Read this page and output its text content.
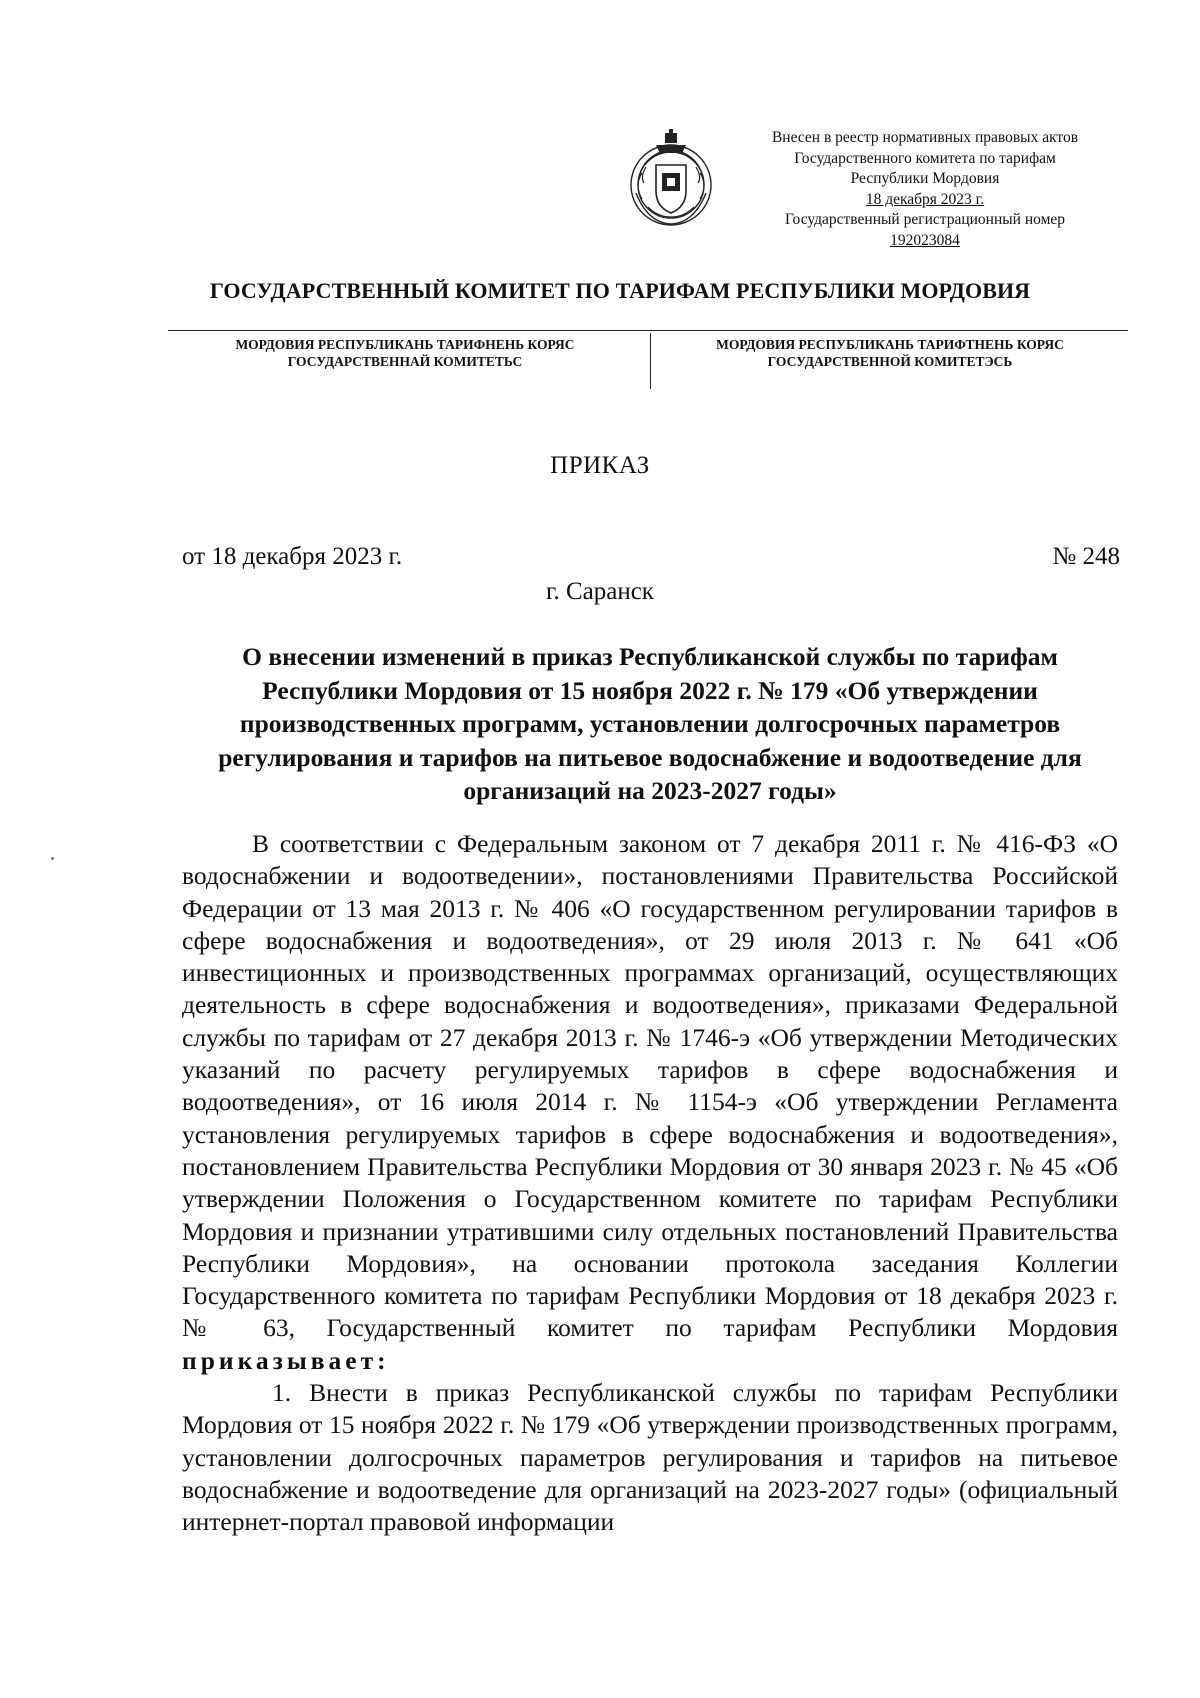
Внесен в реестр нормативных правовых актов
Государственного комитета по тарифам
Республики Мордовия
18 декабря 2023 г.
Государственный регистрационный номер
192023084
ГОСУДАРСТВЕННЫЙ КОМИТЕТ ПО ТАРИФАМ РЕСПУБЛИКИ МОРДОВИЯ
МОРДОВИЯ РЕСПУБЛИКАНЬ ТАРИФНЕНЬ КОРЯС
ГОСУДАРСТВЕННАЙ КОМИТЕТЬС
МОРДОВИЯ РЕСПУБЛИКАНЬ ТАРИФТНЕНЬ КОРЯС
ГОСУДАРСТВЕННОЙ КОМИТЕТЭСЬ
ПРИКАЗ
от 18 декабря 2023 г.	№ 248
г. Саранск
О внесении изменений в приказ Республиканской службы по тарифам Республики Мордовия от 15 ноября 2022 г. № 179 «Об утверждении производственных программ, установлении долгосрочных параметров регулирования и тарифов на питьевое водоснабжение и водоотведение для организаций на 2023-2027 годы»

В соответствии с Федеральным законом от 7 декабря 2011 г. № 416-ФЗ «О водоснабжении и водоотведении», постановлениями Правительства Российской Федерации от 13 мая 2013 г. № 406 «О государственном регулировании тарифов в сфере водоснабжения и водоотведения», от 29 июля 2013 г. № 641 «Об инвестиционных и производственных программах организаций, осуществляющих деятельность в сфере водоснабжения и водоотведения», приказами Федеральной службы по тарифам от 27 декабря 2013 г. № 1746-э «Об утверждении Методических указаний по расчету регулируемых тарифов в сфере водоснабжения и водоотведения», от 16 июля 2014 г. № 1154-э «Об утверждении Регламента установления регулируемых тарифов в сфере водоснабжения и водоотведения», постановлением Правительства Республики Мордовия от 30 января 2023 г. № 45 «Об утверждении Положения о Государственном комитете по тарифам Республики Мордовия и признании утратившими силу отдельных постановлений Правительства Республики Мордовия», на основании протокола заседания Коллегии Государственного комитета по тарифам Республики Мордовия от 18 декабря 2023 г. № 63, Государственный комитет по тарифам Республики Мордовия приказывает:

1. Внести в приказ Республиканской службы по тарифам Республики Мордовия от 15 ноября 2022 г. № 179 «Об утверждении производственных программ, установлении долгосрочных параметров регулирования и тарифов на питьевое водоснабжение и водоотведение для организаций на 2023-2027 годы» (официальный интернет-портал правовой информации
